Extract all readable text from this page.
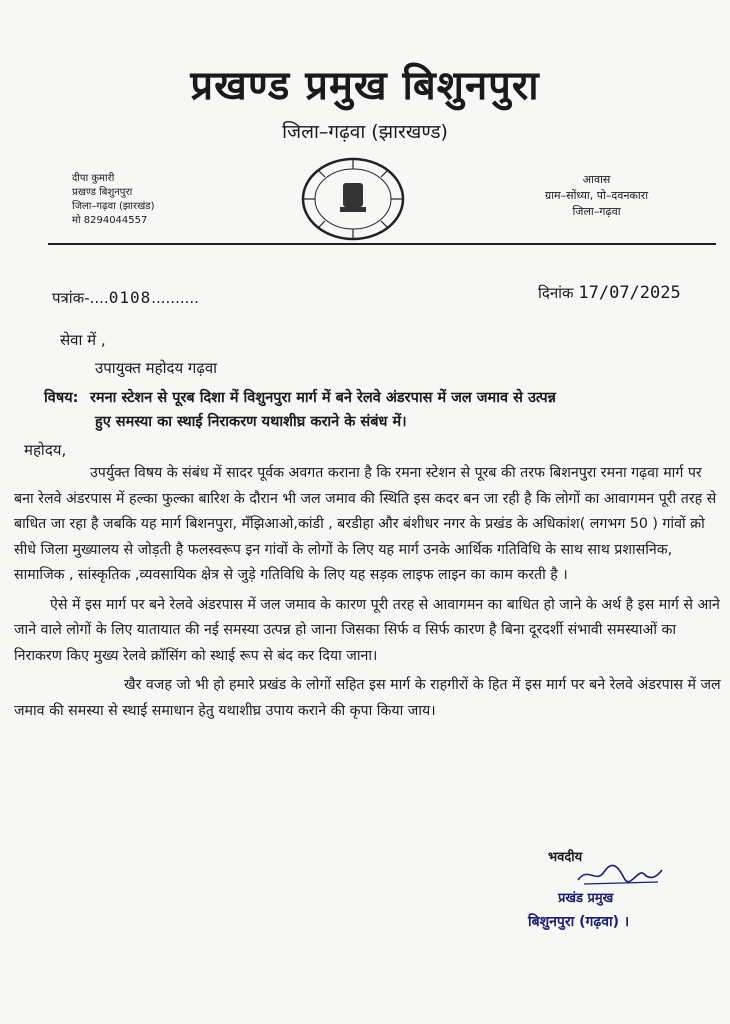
प्रखण्ड प्रमुख बिशुनपुरा
जिला–गढ़वा (झारखण्ड)
दीपा कुमारी
प्रखण्ड बिशुनपुरा
जिला–गढ़वा (झारखंड)
मो 8294044557
आवास
ग्राम–सोंध्या, पो–दवनकारा
जिला–गढ़वा
पत्रांक-....0108..........	दिनांक 17/07/2025
सेवा में ,
उपायुक्त महोदय गढ़वा
विषय: रमना स्टेशन से पूरब दिशा में विशुनपुरा मार्ग में बने रेलवे अंडरपास में जल जमाव से उत्पन्न
हुए समस्या का स्थाई निराकरण यथाशीघ्र कराने के संबंध में।
महोदय,

उपर्युक्त विषय के संबंध में सादर पूर्वक अवगत कराना है कि रमना स्टेशन से पूरब की तरफ बिशनपुरा रमना गढ़वा मार्ग पर बना रेलवे अंडरपास में हल्का फुल्का बारिश के दौरान भी जल जमाव की स्थिति इस कदर बन जा रही है कि लोगों का आवागमन पूरी तरह से बाधित जा रहा है जबकि यह मार्ग बिशनपुरा, मँझिआओ,कांडी , बरडीहा और बंशीधर नगर के प्रखंड के अधिकांश( लगभग 50 ) गांवों क्रो सीधे जिला मुख्यालय से जोड़ती है फलस्वरूप इन गांवों के लोगों के लिए यह मार्ग उनके आर्थिक गतिविधि के साथ साथ प्रशासनिक, सामाजिक , सांस्कृतिक ,व्यवसायिक क्षेत्र से जुड़े गतिविधि के लिए यह सड़क लाइफ लाइन का काम करती है ।

ऐसे में इस मार्ग पर बने रेलवे अंडरपास में जल जमाव के कारण पूरी तरह से आवागमन का बाधित हो जाने के अर्थ है इस मार्ग से आने जाने वाले लोगों के लिए यातायात की नई समस्या उत्पन्न हो जाना जिसका सिर्फ व सिर्फ कारण है बिना दूरदर्शी संभावी समस्याओं का निराकरण किए मुख्य रेलवे क्रॉसिंग को स्थाई रूप से बंद कर दिया जाना।

खैर वजह जो भी हो हमारे प्रखंड के लोगों सहित इस मार्ग के राहगीरों के हित में इस मार्ग पर बने रेलवे अंडरपास में जल जमाव की समस्या से स्थाई समाधान हेतु यथाशीघ्र उपाय कराने की कृपा किया जाय।

भवदीय
प्रखंड प्रमुख
बिशुनपुरा (गढ़वा) ।
